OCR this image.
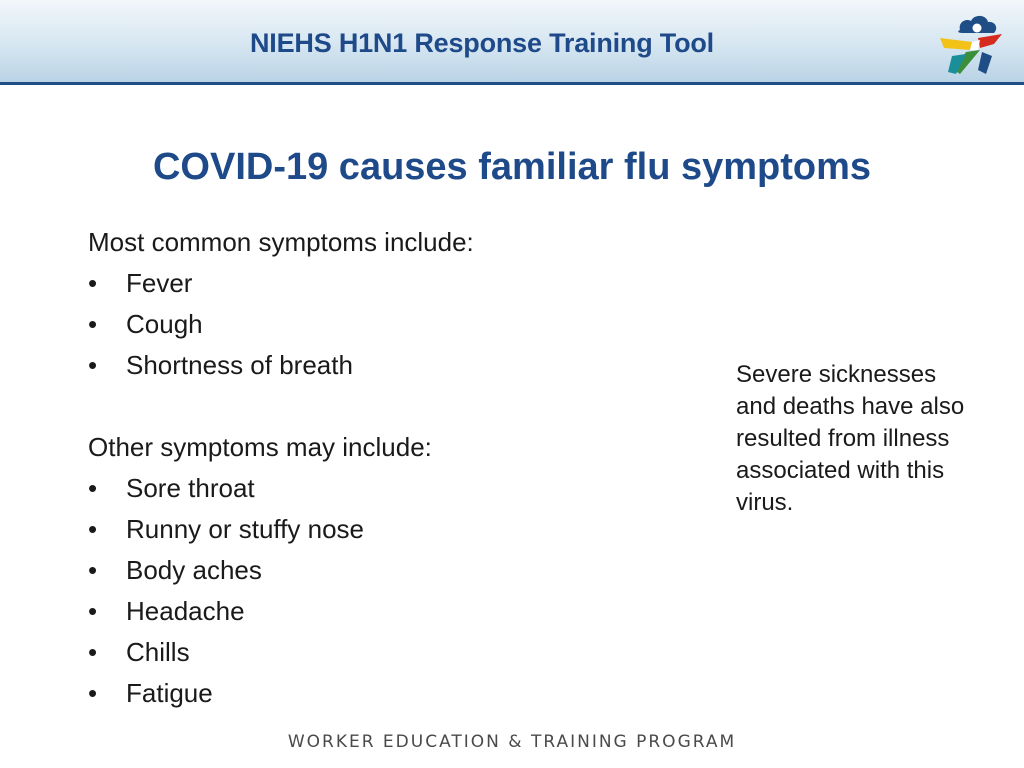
NIEHS H1N1 Response Training Tool
COVID-19 causes familiar flu symptoms
Most common symptoms include:
• Fever
• Cough
• Shortness of breath
Other symptoms may include:
• Sore throat
• Runny or stuffy nose
• Body aches
• Headache
• Chills
• Fatigue
Severe sicknesses and deaths have also resulted from illness associated with this virus.
WORKER EDUCATION & TRAINING PROGRAM
